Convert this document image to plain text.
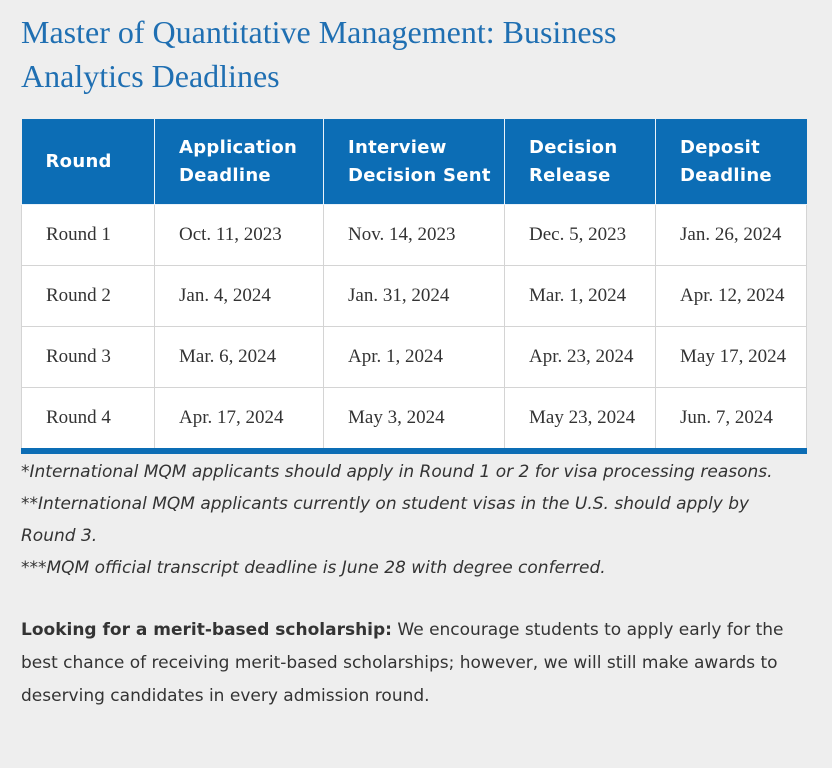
Master of Quantitative Management: Business Analytics Deadlines
Round	Application Deadline	Interview Decision Sent	Decision Release	Deposit Deadline
Round 1	Oct. 11, 2023	Nov. 14, 2023	Dec. 5, 2023	Jan. 26, 2024
Round 2	Jan. 4, 2024	Jan. 31, 2024	Mar. 1, 2024	Apr. 12, 2024
Round 3	Mar. 6, 2024	Apr. 1, 2024	Apr. 23, 2024	May 17, 2024
Round 4	Apr. 17, 2024	May 3, 2024	May 23, 2024	Jun. 7, 2024

*International MQM applicants should apply in Round 1 or 2 for visa processing reasons.

**International MQM applicants currently on student visas in the U.S. should apply by Round 3.

***MQM official transcript deadline is June 28 with degree conferred.

Looking for a merit-based scholarship: We encourage students to apply early for the best chance of receiving merit-based scholarships; however, we will still make awards to deserving candidates in every admission round.
